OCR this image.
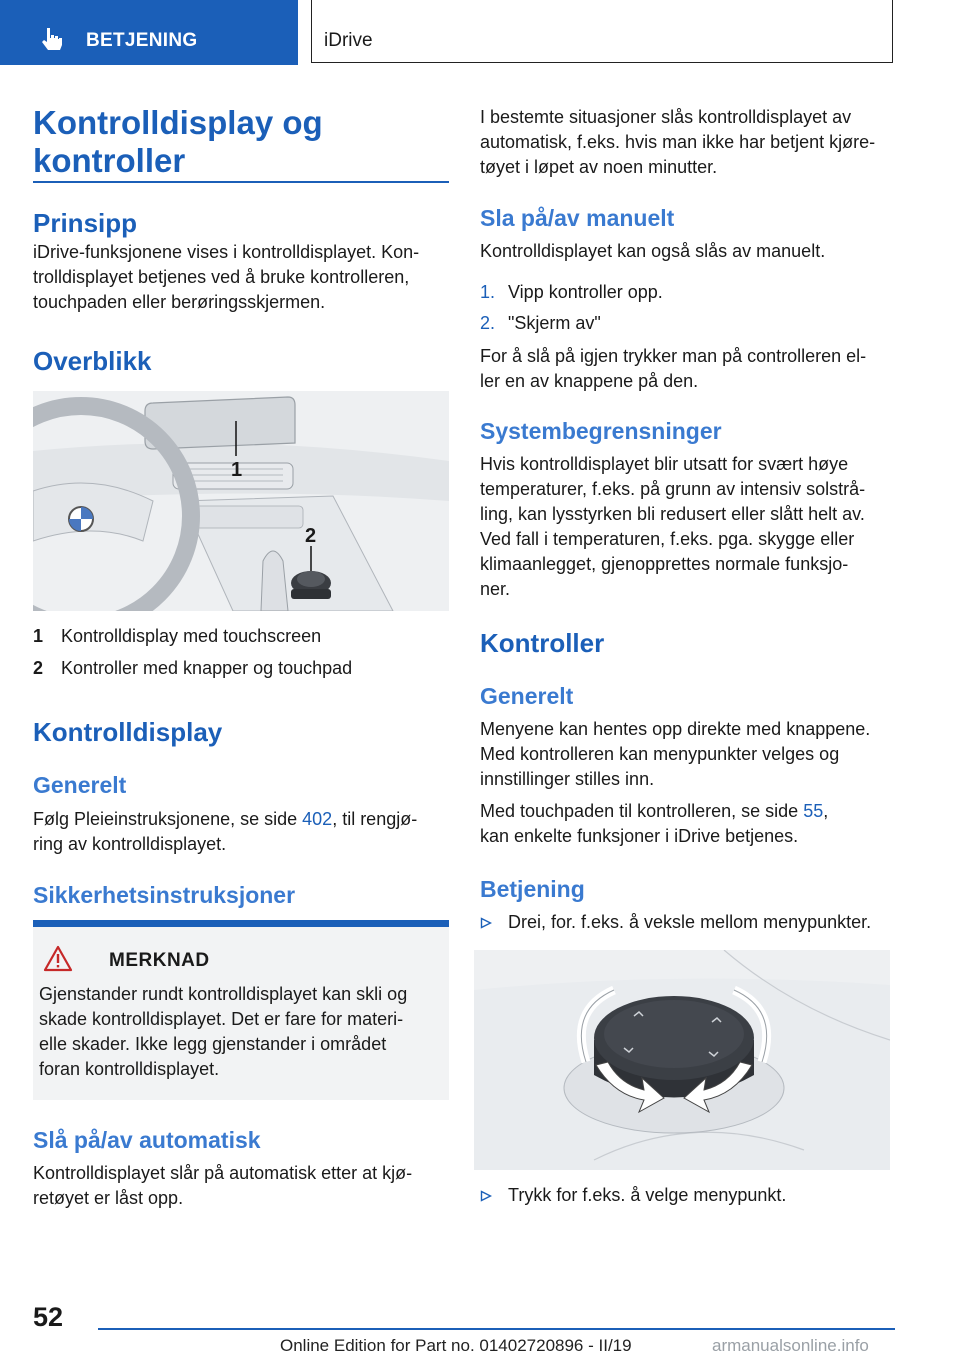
BETJENING	iDrive
Kontrolldisplay og
kontroller
Prinsipp
iDrive-funksjonene vises i kontrolldisplayet. Kon-
trolldisplayet betjenes ved å bruke kontrolleren,
touchpaden eller berøringsskjermen.
Overblikk
1
2
1 Kontrolldisplay med touchscreen
2 Kontroller med knapper og touchpad
Kontrolldisplay
Generelt
Følg Pleieinstruksjonene, se side 402, til rengjø-
ring av kontrolldisplayet.
Sikkerhetsinstruksjoner
MERKNAD
Gjenstander rundt kontrolldisplayet kan skli og
skade kontrolldisplayet. Det er fare for materi-
elle skader. Ikke legg gjenstander i området
foran kontrolldisplayet.
Slå på/av automatisk
Kontrolldisplayet slår på automatisk etter at kjø-
retøyet er låst opp.
I bestemte situasjoner slås kontrolldisplayet av
automatisk, f.eks. hvis man ikke har betjent kjøre-
tøyet i løpet av noen minutter.
Sla på/av manuelt
Kontrolldisplayet kan også slås av manuelt.
1. Vipp kontroller opp.
2. "Skjerm av"
For å slå på igjen trykker man på controlleren el-
ler en av knappene på den.
Systembegrensninger
Hvis kontrolldisplayet blir utsatt for svært høye
temperaturer, f.eks. på grunn av intensiv solstrå-
ling, kan lysstyrken bli redusert eller slått helt av.
Ved fall i temperaturen, f.eks. pga. skygge eller
klimaanlegget, gjenopprettes normale funksjo-
ner.
Kontroller
Generelt
Menyene kan hentes opp direkte med knappene.
Med kontrolleren kan menypunkter velges og
innstillinger stilles inn.
Med touchpaden til kontrolleren, se side 55,
kan enkelte funksjoner i iDrive betjenes.
Betjening
Drei, for. f.eks. å veksle mellom menypunkter.
Trykk for f.eks. å velge menypunkt.
52
Online Edition for Part no. 01402720896 - II/19	armanualsonline.info
